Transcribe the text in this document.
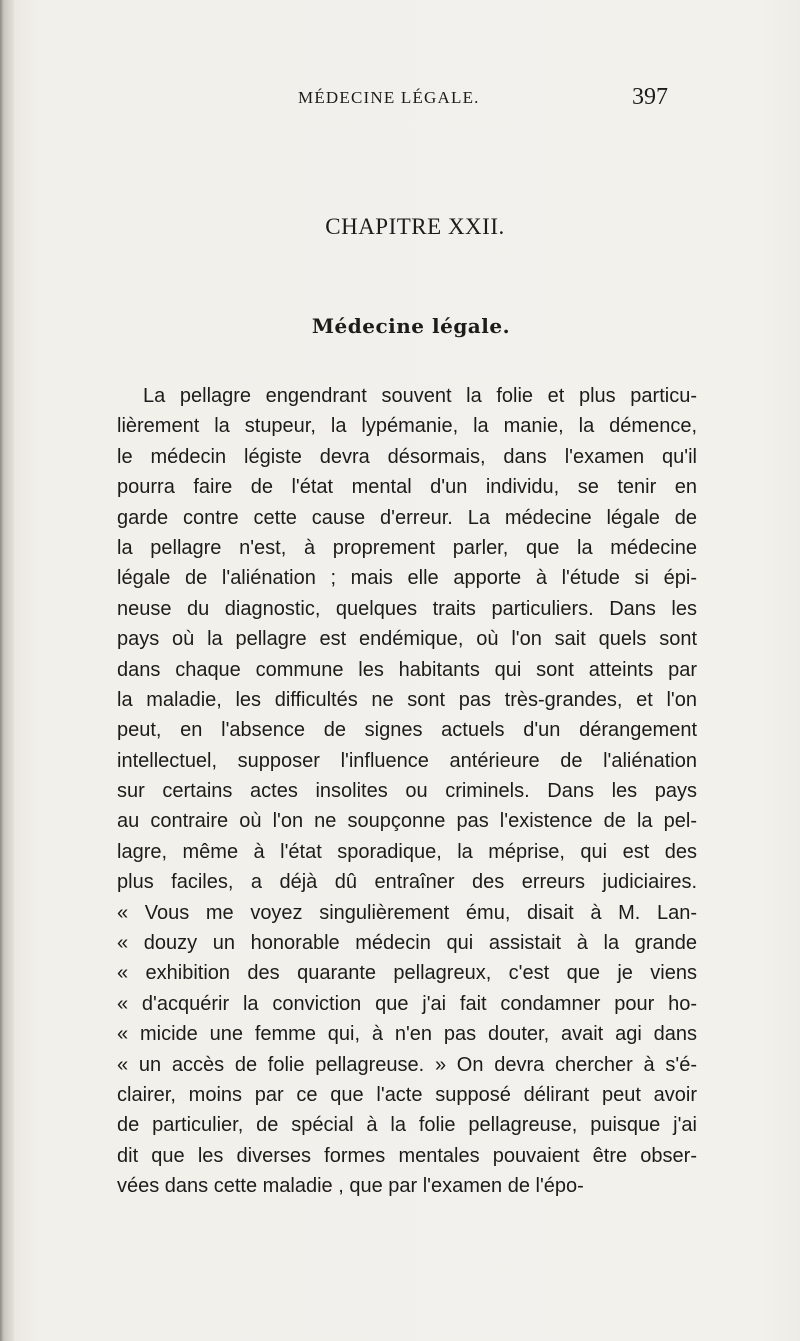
MÉDECINE LÉGALE.	397
CHAPITRE XXII.
Médecine légale.
La pellagre engendrant souvent la folie et plus particu-
lièrement la stupeur, la lypémanie, la manie, la démence,
le médecin légiste devra désormais, dans l'examen qu'il
pourra faire de l'état mental d'un individu, se tenir en
garde contre cette cause d'erreur. La médecine légale de
la pellagre n'est, à proprement parler, que la médecine
légale de l'aliénation ; mais elle apporte à l'étude si épi-
neuse du diagnostic, quelques traits particuliers. Dans les
pays où la pellagre est endémique, où l'on sait quels sont
dans chaque commune les habitants qui sont atteints par
la maladie, les difficultés ne sont pas très-grandes, et l'on
peut, en l'absence de signes actuels d'un dérangement
intellectuel, supposer l'influence antérieure de l'aliénation
sur certains actes insolites ou criminels. Dans les pays
au contraire où l'on ne soupçonne pas l'existence de la pel-
lagre, même à l'état sporadique, la méprise, qui est des
plus faciles, a déjà dû entraîner des erreurs judiciaires.
« Vous me voyez singulièrement ému, disait à M. Lan-
« douzy un honorable médecin qui assistait à la grande
« exhibition des quarante pellagreux, c'est que je viens
« d'acquérir la conviction que j'ai fait condamner pour ho-
« micide une femme qui, à n'en pas douter, avait agi dans
« un accès de folie pellagreuse. » On devra chercher à s'é-
clairer, moins par ce que l'acte supposé délirant peut avoir
de particulier, de spécial à la folie pellagreuse, puisque j'ai
dit que les diverses formes mentales pouvaient être obser-
vées dans cette maladie , que par l'examen de l'épo-
